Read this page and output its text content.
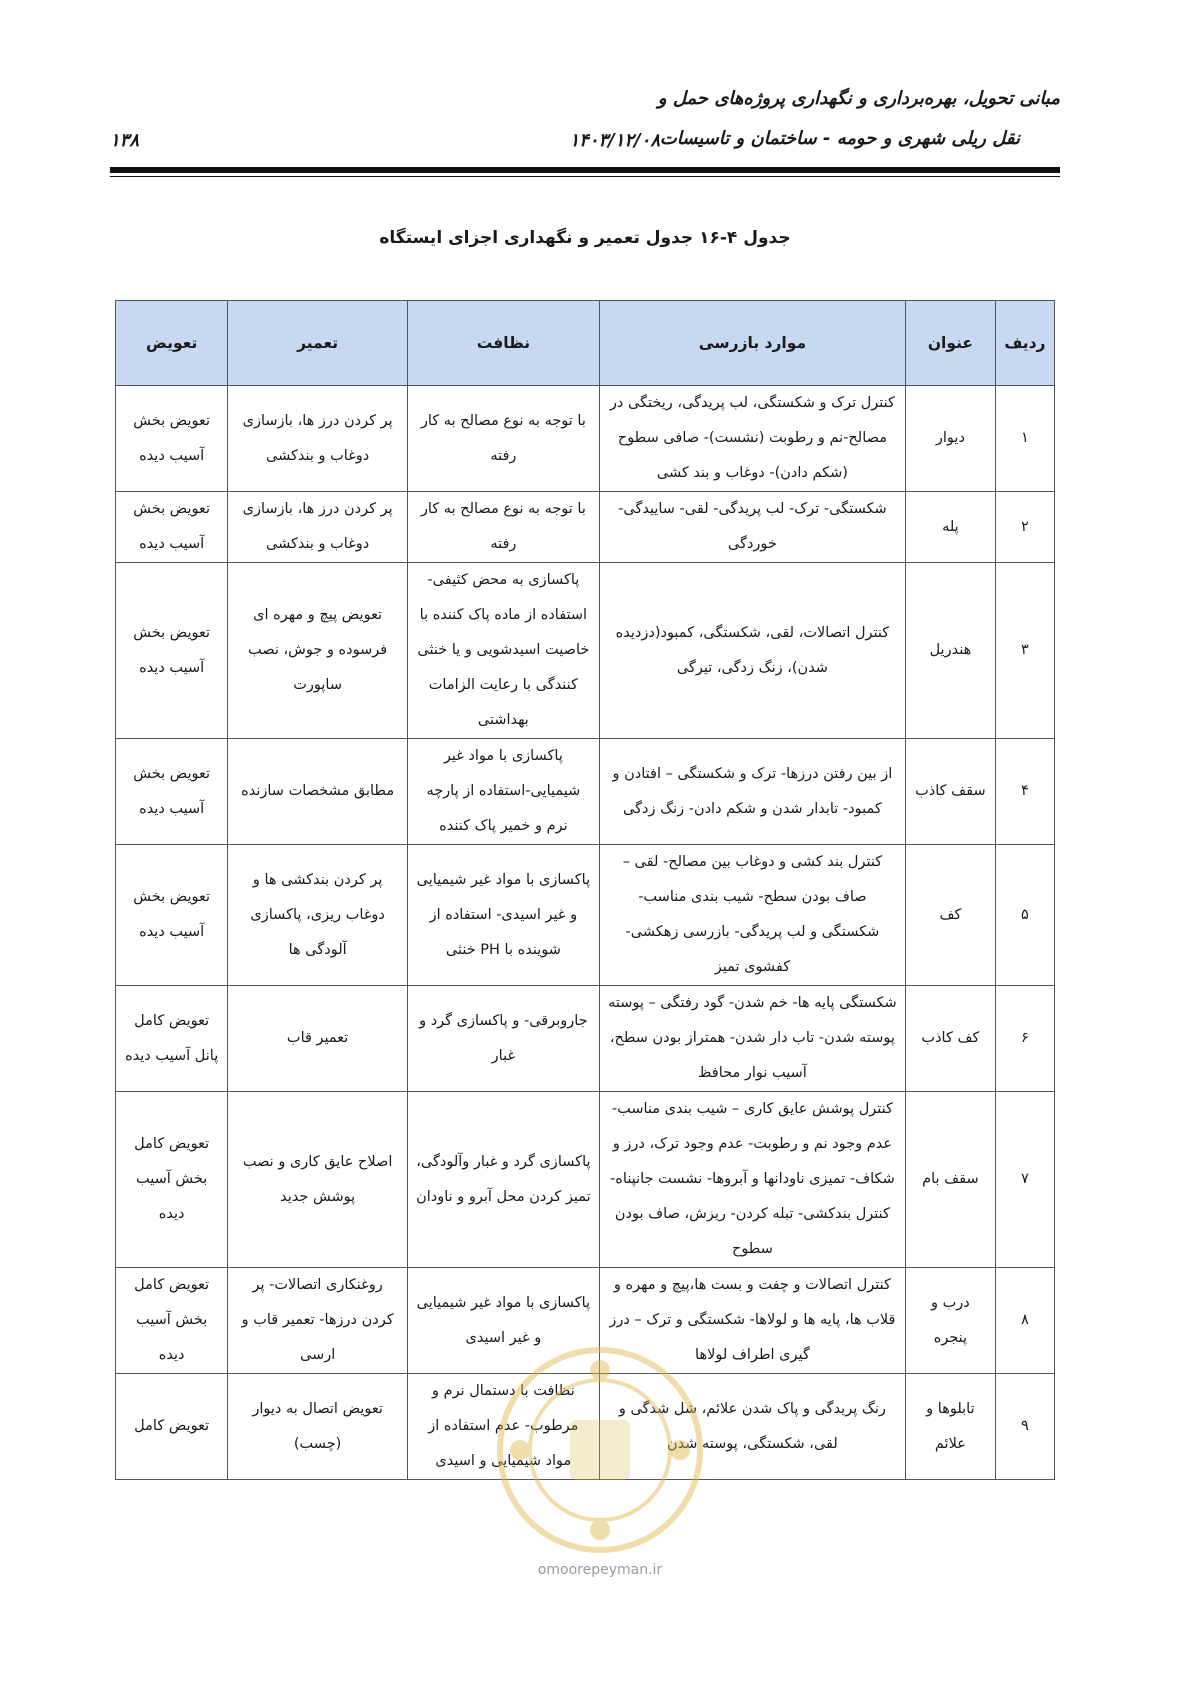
مبانی تحویل، بهره‌برداری و نگهداری پروژه‌های حمل و
نقل ریلی شهری و حومه - ساختمان و تاسیسات
۱۴۰۳/۱۲/۰۸
۱۳۸
جدول ۴-۱۶ جدول تعمیر و نگهداری اجزای ایستگاه
ردیف	عنوان	موارد بازرسی	نظافت	تعمیر	تعویض
۱	دیوار	کنترل ترک و شکستگی، لب پریدگی، ریختگی در مصالح-نم و رطوبت (نشست)- صافی سطوح (شکم دادن)- دوغاب و بند کشی	با توجه به نوع مصالح به کار رفته	پر کردن درز ها، بازسازی دوغاب و بندکشی	تعویض بخش آسیب دیده
۲	پله	شکستگی- ترک- لب پریدگی- لقی- ساییدگی- خوردگی	با توجه به نوع مصالح به کار رفته	پر کردن درز ها، بازسازی دوغاب و بندکشی	تعویض بخش آسیب دیده
۳	هندریل	کنترل اتصالات، لقی، شکستگی، کمبود(دزدیده شدن)، زنگ زدگی، تیرگی	پاکسازی به محض کثیفی- استفاده از ماده پاک کننده با خاصیت اسیدشویی و یا خنثی کنندگی با رعایت الزامات بهداشتی	تعویض پیچ و مهره ای فرسوده و جوش، نصب ساپورت	تعویض بخش آسیب دیده
۴	سقف کاذب	از بین رفتن درزها- ترک و شکستگی – افتادن و کمبود- تابدار شدن و شکم دادن- زنگ زدگی	پاکسازی با مواد غیر شیمیایی-استفاده از پارچه نرم و خمیر پاک کننده	مطابق مشخصات سازنده	تعویض بخش آسیب دیده
۵	کف	کنترل بند کشی و دوغاب بین مصالح- لقی – صاف بودن سطح- شیب بندی مناسب- شکستگی و لب پریدگی- بازرسی زهکشی- کفشوی تمیز	پاکسازی با مواد غیر شیمیایی و غیر اسیدی- استفاده از شوینده با PH خنثی	پر کردن بندکشی ها و دوغاب ریزی، پاکسازی آلودگی ها	تعویض بخش آسیب دیده
۶	کف کاذب	شکستگی پایه ها- خم شدن- گود رفتگی – پوسته پوسته شدن- تاب دار شدن- همتراز بودن سطح، آسیب نوار محافظ	جاروبرقی- و پاکسازی گرد و غبار	تعمیر قاب	تعویض کامل پانل آسیب دیده
۷	سقف بام	کنترل پوشش عایق کاری – شیب بندی مناسب- عدم وجود نم و رطوبت- عدم وجود ترک، درز و شکاف- تمیزی ناودانها و آبروها- نشست جانپناه- کنترل بندکشی- تبله کردن- ریزش، صاف بودن سطوح	پاکسازی گرد و غبار وآلودگی، تمیز کردن محل آبرو و ناودان	اصلاح عایق کاری و نصب پوشش جدید	تعویض کامل بخش آسیب دیده
۸	درب و پنجره	کنترل اتصالات و چفت و بست ها،پیچ و مهره و قلاب ها، پایه ها و لولاها- شکستگی و ترک – درز گیری اطراف لولاها	پاکسازی با مواد غیر شیمیایی و غیر اسیدی	روغنکاری اتصالات- پر کردن درزها- تعمیر قاب و ارسی	تعویض کامل بخش آسیب دیده
۹	تابلوها و علائم	رنگ پریدگی و پاک شدن علائم، شل شدگی و لقی، شکستگی، پوسته شدن	نظافت با دستمال نرم و مرطوب- عدم استفاده از مواد شیمیایی و اسیدی	تعویض اتصال به دیوار (چسب)	تعویض کامل
omoorepeyman.ir
